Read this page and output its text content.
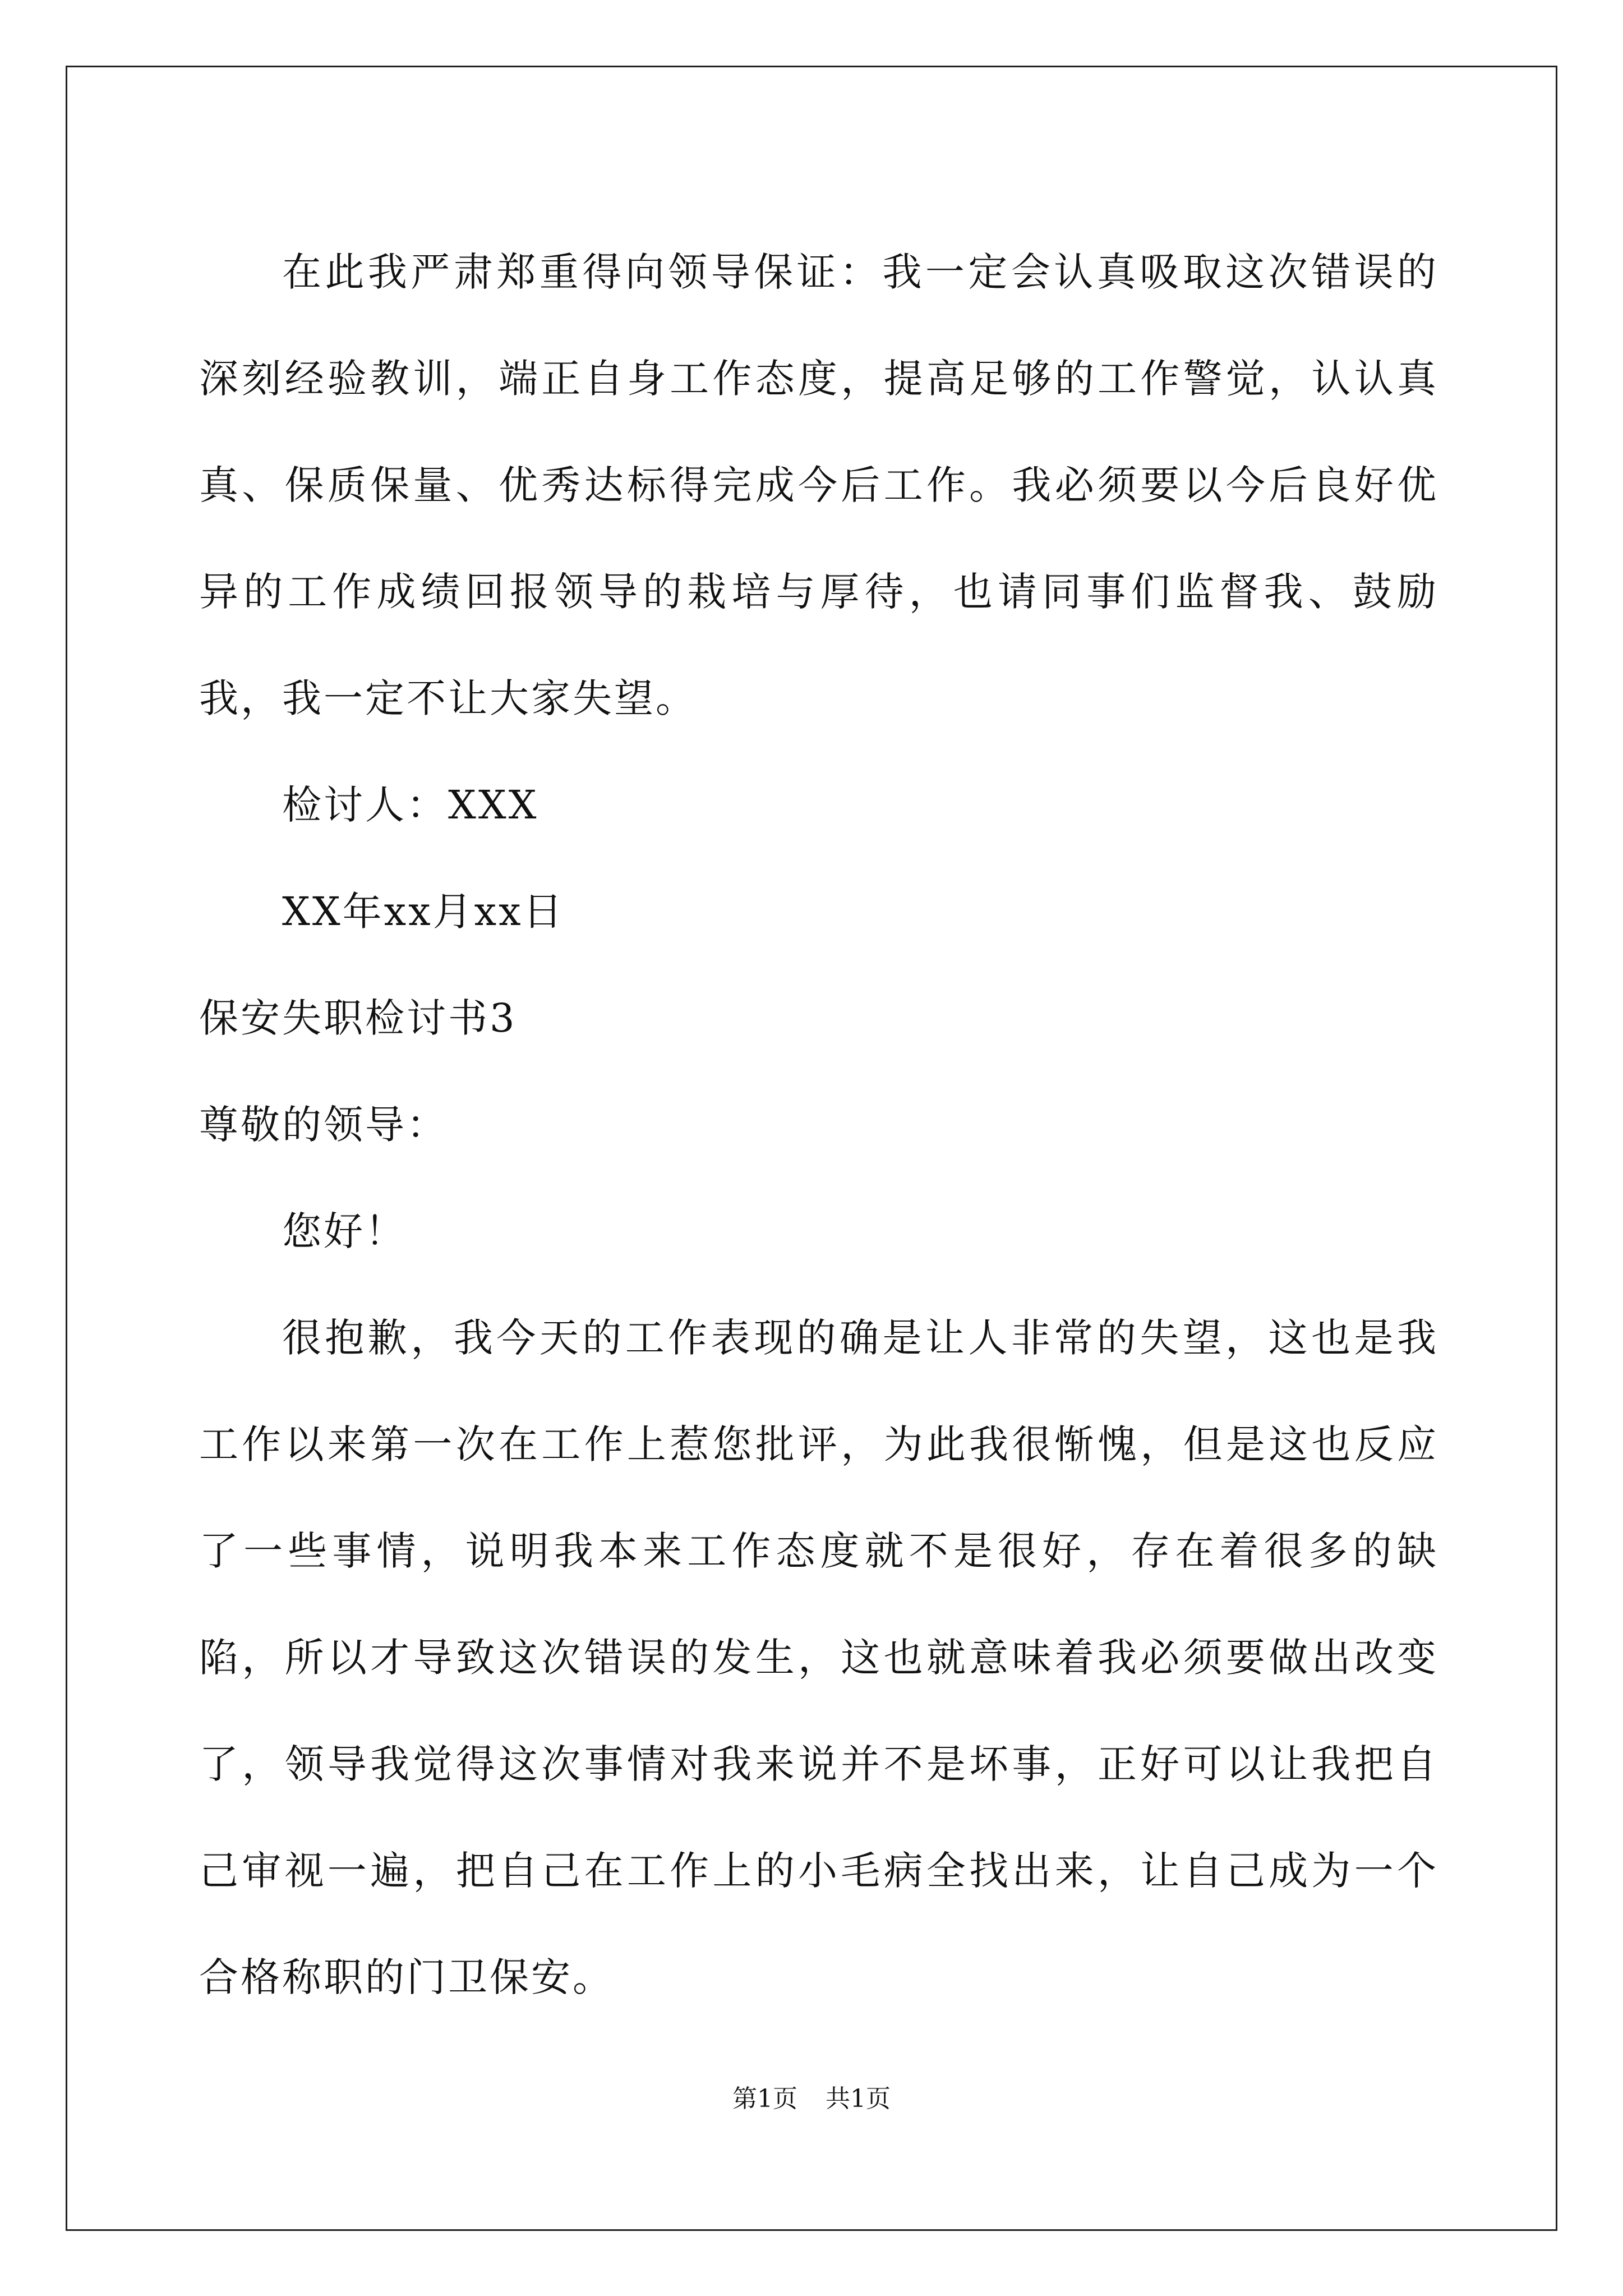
在此我严肃郑重得向领导保证：我一定会认真吸取这次错误的深刻经验教训，端正自身工作态度，提高足够的工作警觉，认认真真、保质保量、优秀达标得完成今后工作。我必须要以今后良好优异的工作成绩回报领导的栽培与厚待，也请同事们监督我、鼓励我，我一定不让大家失望。

检讨人：XXX

XX年xx月xx日

保安失职检讨书3

尊敬的领导：

您好！

很抱歉，我今天的工作表现的确是让人非常的失望，这也是我工作以来第一次在工作上惹您批评，为此我很惭愧，但是这也反应了一些事情，说明我本来工作态度就不是很好，存在着很多的缺陷，所以才导致这次错误的发生，这也就意味着我必须要做出改变了，领导我觉得这次事情对我来说并不是坏事，正好可以让我把自己审视一遍，把自己在工作上的小毛病全找出来，让自己成为一个合格称职的门卫保安。

第1页 共1页
